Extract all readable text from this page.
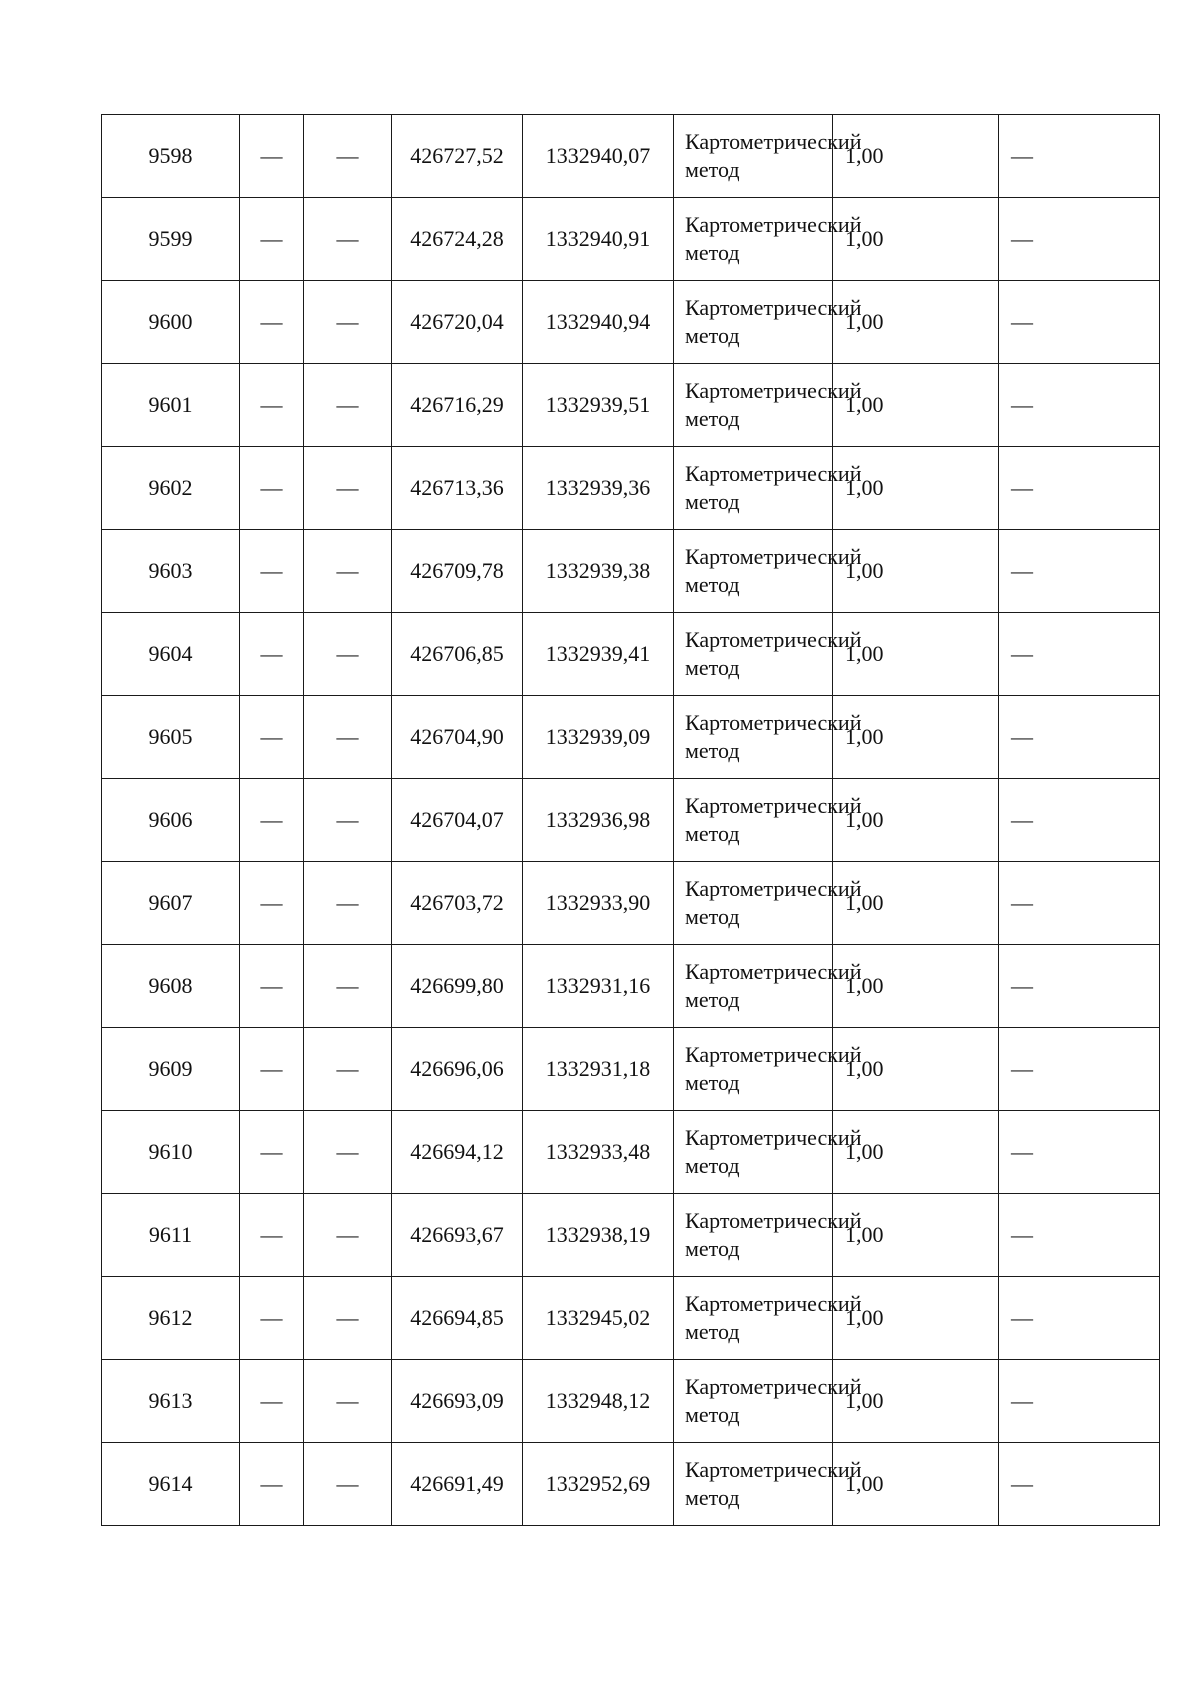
9598	—	—	426727,52	1332940,07	Картометрический метод	1,00	—
9599	—	—	426724,28	1332940,91	Картометрический метод	1,00	—
9600	—	—	426720,04	1332940,94	Картометрический метод	1,00	—
9601	—	—	426716,29	1332939,51	Картометрический метод	1,00	—
9602	—	—	426713,36	1332939,36	Картометрический метод	1,00	—
9603	—	—	426709,78	1332939,38	Картометрический метод	1,00	—
9604	—	—	426706,85	1332939,41	Картометрический метод	1,00	—
9605	—	—	426704,90	1332939,09	Картометрический метод	1,00	—
9606	—	—	426704,07	1332936,98	Картометрический метод	1,00	—
9607	—	—	426703,72	1332933,90	Картометрический метод	1,00	—
9608	—	—	426699,80	1332931,16	Картометрический метод	1,00	—
9609	—	—	426696,06	1332931,18	Картометрический метод	1,00	—
9610	—	—	426694,12	1332933,48	Картометрический метод	1,00	—
9611	—	—	426693,67	1332938,19	Картометрический метод	1,00	—
9612	—	—	426694,85	1332945,02	Картометрический метод	1,00	—
9613	—	—	426693,09	1332948,12	Картометрический метод	1,00	—
9614	—	—	426691,49	1332952,69	Картометрический метод	1,00	—
